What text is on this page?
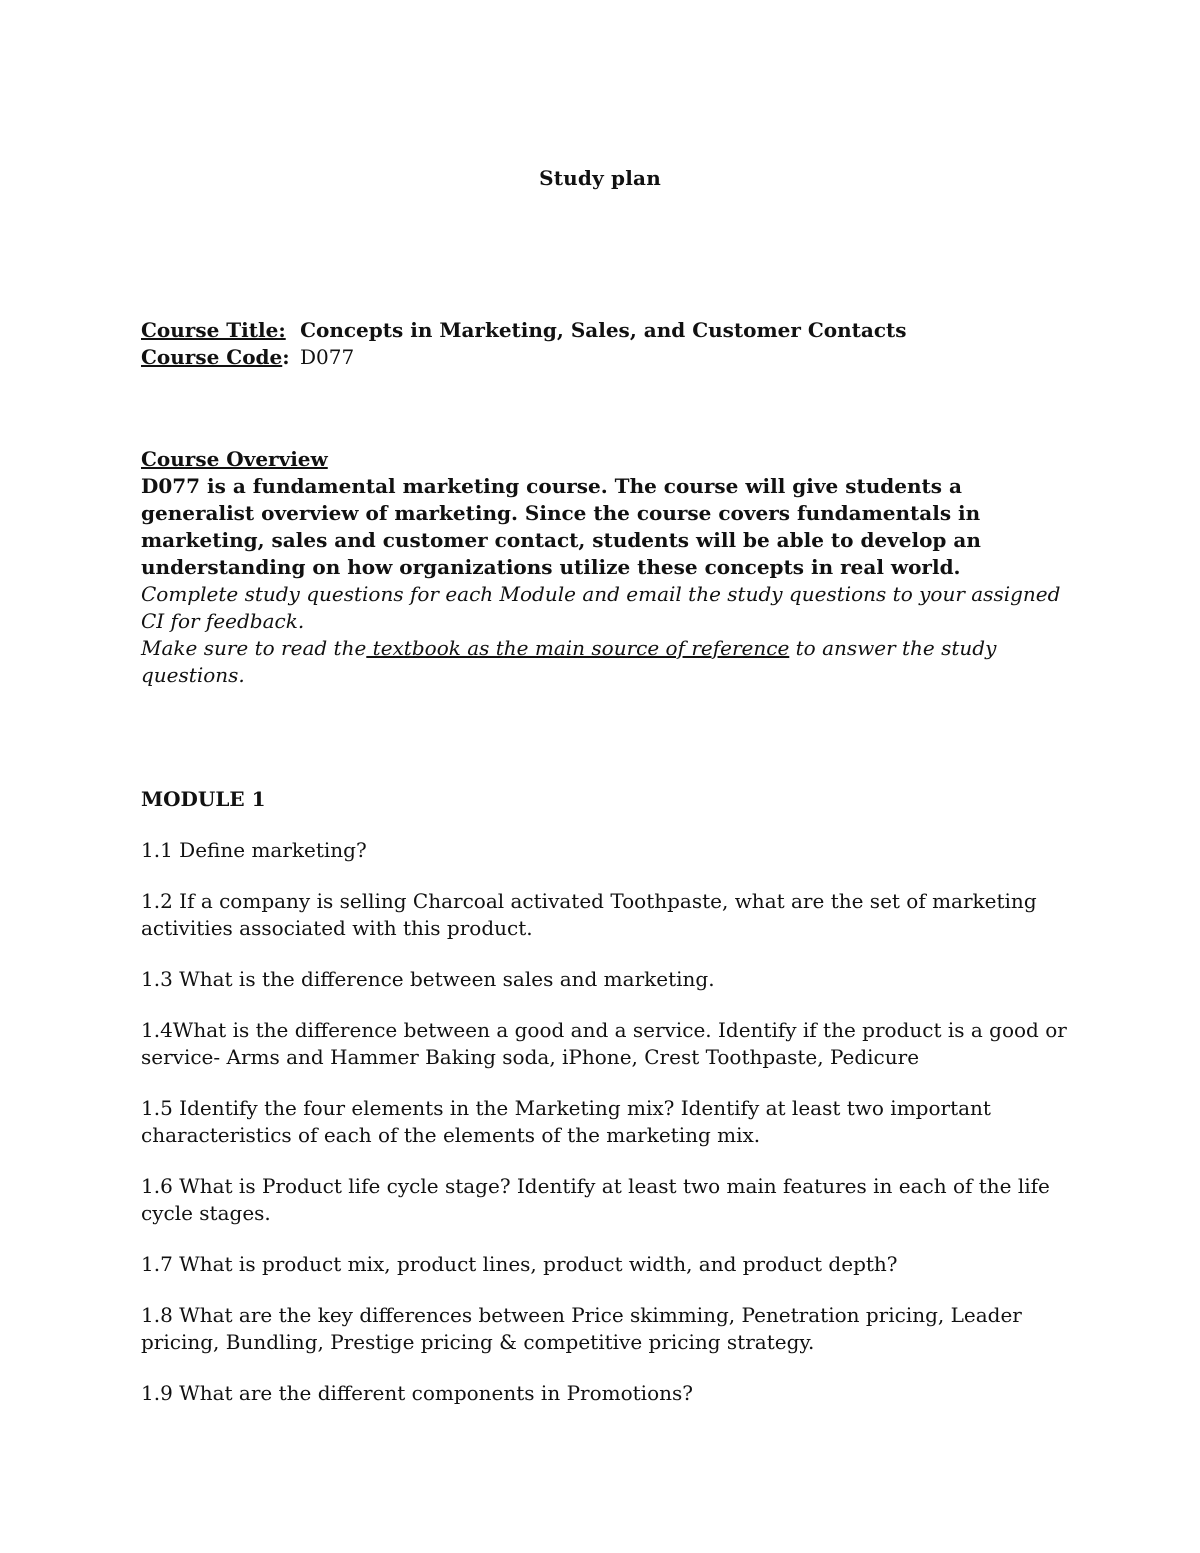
Study plan

Course Title: Concepts in Marketing, Sales, and Customer Contacts

Course Code: D077

Course Overview

D077 is a fundamental marketing course. The course will give students a generalist overview of marketing. Since the course covers fundamentals in marketing, sales and customer contact, students will be able to develop an understanding on how organizations utilize these concepts in real world.

Complete study questions for each Module and email the study questions to your assigned CI for feedback.

Make sure to read the textbook as the main source of reference to answer the study questions.

MODULE 1

1.1 Define marketing?

1.2 If a company is selling Charcoal activated Toothpaste, what are the set of marketing activities associated with this product.

1.3 What is the difference between sales and marketing.

1.4What is the difference between a good and a service. Identify if the product is a good or service- Arms and Hammer Baking soda, iPhone, Crest Toothpaste, Pedicure

1.5 Identify the four elements in the Marketing mix? Identify at least two important characteristics of each of the elements of the marketing mix.

1.6 What is Product life cycle stage? Identify at least two main features in each of the life cycle stages.

1.7 What is product mix, product lines, product width, and product depth?

1.8 What are the key differences between Price skimming, Penetration pricing, Leader pricing, Bundling, Prestige pricing & competitive pricing strategy.

1.9 What are the different components in Promotions?
